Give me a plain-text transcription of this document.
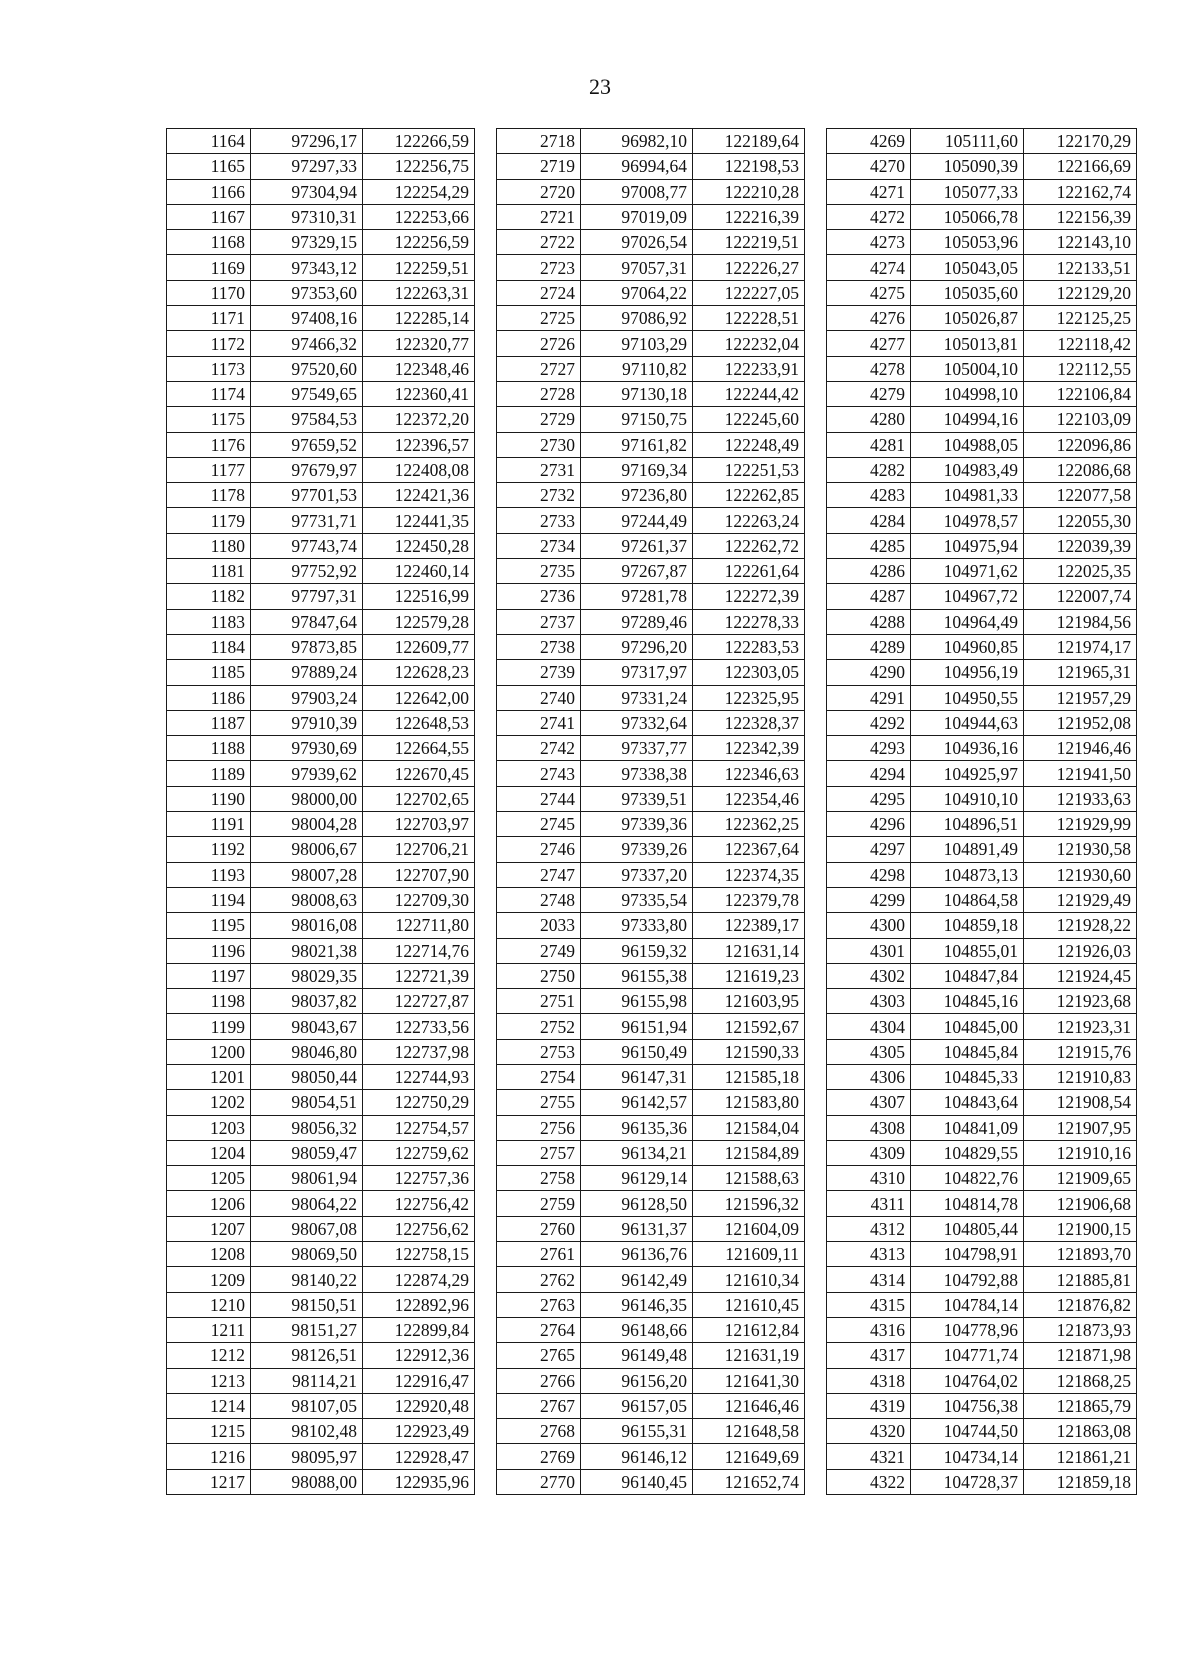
23
1164	97296,17	122266,59
1165	97297,33	122256,75
1166	97304,94	122254,29
1167	97310,31	122253,66
1168	97329,15	122256,59
1169	97343,12	122259,51
1170	97353,60	122263,31
1171	97408,16	122285,14
1172	97466,32	122320,77
1173	97520,60	122348,46
1174	97549,65	122360,41
1175	97584,53	122372,20
1176	97659,52	122396,57
1177	97679,97	122408,08
1178	97701,53	122421,36
1179	97731,71	122441,35
1180	97743,74	122450,28
1181	97752,92	122460,14
1182	97797,31	122516,99
1183	97847,64	122579,28
1184	97873,85	122609,77
1185	97889,24	122628,23
1186	97903,24	122642,00
1187	97910,39	122648,53
1188	97930,69	122664,55
1189	97939,62	122670,45
1190	98000,00	122702,65
1191	98004,28	122703,97
1192	98006,67	122706,21
1193	98007,28	122707,90
1194	98008,63	122709,30
1195	98016,08	122711,80
1196	98021,38	122714,76
1197	98029,35	122721,39
1198	98037,82	122727,87
1199	98043,67	122733,56
1200	98046,80	122737,98
1201	98050,44	122744,93
1202	98054,51	122750,29
1203	98056,32	122754,57
1204	98059,47	122759,62
1205	98061,94	122757,36
1206	98064,22	122756,42
1207	98067,08	122756,62
1208	98069,50	122758,15
1209	98140,22	122874,29
1210	98150,51	122892,96
1211	98151,27	122899,84
1212	98126,51	122912,36
1213	98114,21	122916,47
1214	98107,05	122920,48
1215	98102,48	122923,49
1216	98095,97	122928,47
1217	98088,00	122935,96
2718	96982,10	122189,64
2719	96994,64	122198,53
2720	97008,77	122210,28
2721	97019,09	122216,39
2722	97026,54	122219,51
2723	97057,31	122226,27
2724	97064,22	122227,05
2725	97086,92	122228,51
2726	97103,29	122232,04
2727	97110,82	122233,91
2728	97130,18	122244,42
2729	97150,75	122245,60
2730	97161,82	122248,49
2731	97169,34	122251,53
2732	97236,80	122262,85
2733	97244,49	122263,24
2734	97261,37	122262,72
2735	97267,87	122261,64
2736	97281,78	122272,39
2737	97289,46	122278,33
2738	97296,20	122283,53
2739	97317,97	122303,05
2740	97331,24	122325,95
2741	97332,64	122328,37
2742	97337,77	122342,39
2743	97338,38	122346,63
2744	97339,51	122354,46
2745	97339,36	122362,25
2746	97339,26	122367,64
2747	97337,20	122374,35
2748	97335,54	122379,78
2033	97333,80	122389,17
2749	96159,32	121631,14
2750	96155,38	121619,23
2751	96155,98	121603,95
2752	96151,94	121592,67
2753	96150,49	121590,33
2754	96147,31	121585,18
2755	96142,57	121583,80
2756	96135,36	121584,04
2757	96134,21	121584,89
2758	96129,14	121588,63
2759	96128,50	121596,32
2760	96131,37	121604,09
2761	96136,76	121609,11
2762	96142,49	121610,34
2763	96146,35	121610,45
2764	96148,66	121612,84
2765	96149,48	121631,19
2766	96156,20	121641,30
2767	96157,05	121646,46
2768	96155,31	121648,58
2769	96146,12	121649,69
2770	96140,45	121652,74
4269	105111,60	122170,29
4270	105090,39	122166,69
4271	105077,33	122162,74
4272	105066,78	122156,39
4273	105053,96	122143,10
4274	105043,05	122133,51
4275	105035,60	122129,20
4276	105026,87	122125,25
4277	105013,81	122118,42
4278	105004,10	122112,55
4279	104998,10	122106,84
4280	104994,16	122103,09
4281	104988,05	122096,86
4282	104983,49	122086,68
4283	104981,33	122077,58
4284	104978,57	122055,30
4285	104975,94	122039,39
4286	104971,62	122025,35
4287	104967,72	122007,74
4288	104964,49	121984,56
4289	104960,85	121974,17
4290	104956,19	121965,31
4291	104950,55	121957,29
4292	104944,63	121952,08
4293	104936,16	121946,46
4294	104925,97	121941,50
4295	104910,10	121933,63
4296	104896,51	121929,99
4297	104891,49	121930,58
4298	104873,13	121930,60
4299	104864,58	121929,49
4300	104859,18	121928,22
4301	104855,01	121926,03
4302	104847,84	121924,45
4303	104845,16	121923,68
4304	104845,00	121923,31
4305	104845,84	121915,76
4306	104845,33	121910,83
4307	104843,64	121908,54
4308	104841,09	121907,95
4309	104829,55	121910,16
4310	104822,76	121909,65
4311	104814,78	121906,68
4312	104805,44	121900,15
4313	104798,91	121893,70
4314	104792,88	121885,81
4315	104784,14	121876,82
4316	104778,96	121873,93
4317	104771,74	121871,98
4318	104764,02	121868,25
4319	104756,38	121865,79
4320	104744,50	121863,08
4321	104734,14	121861,21
4322	104728,37	121859,18
